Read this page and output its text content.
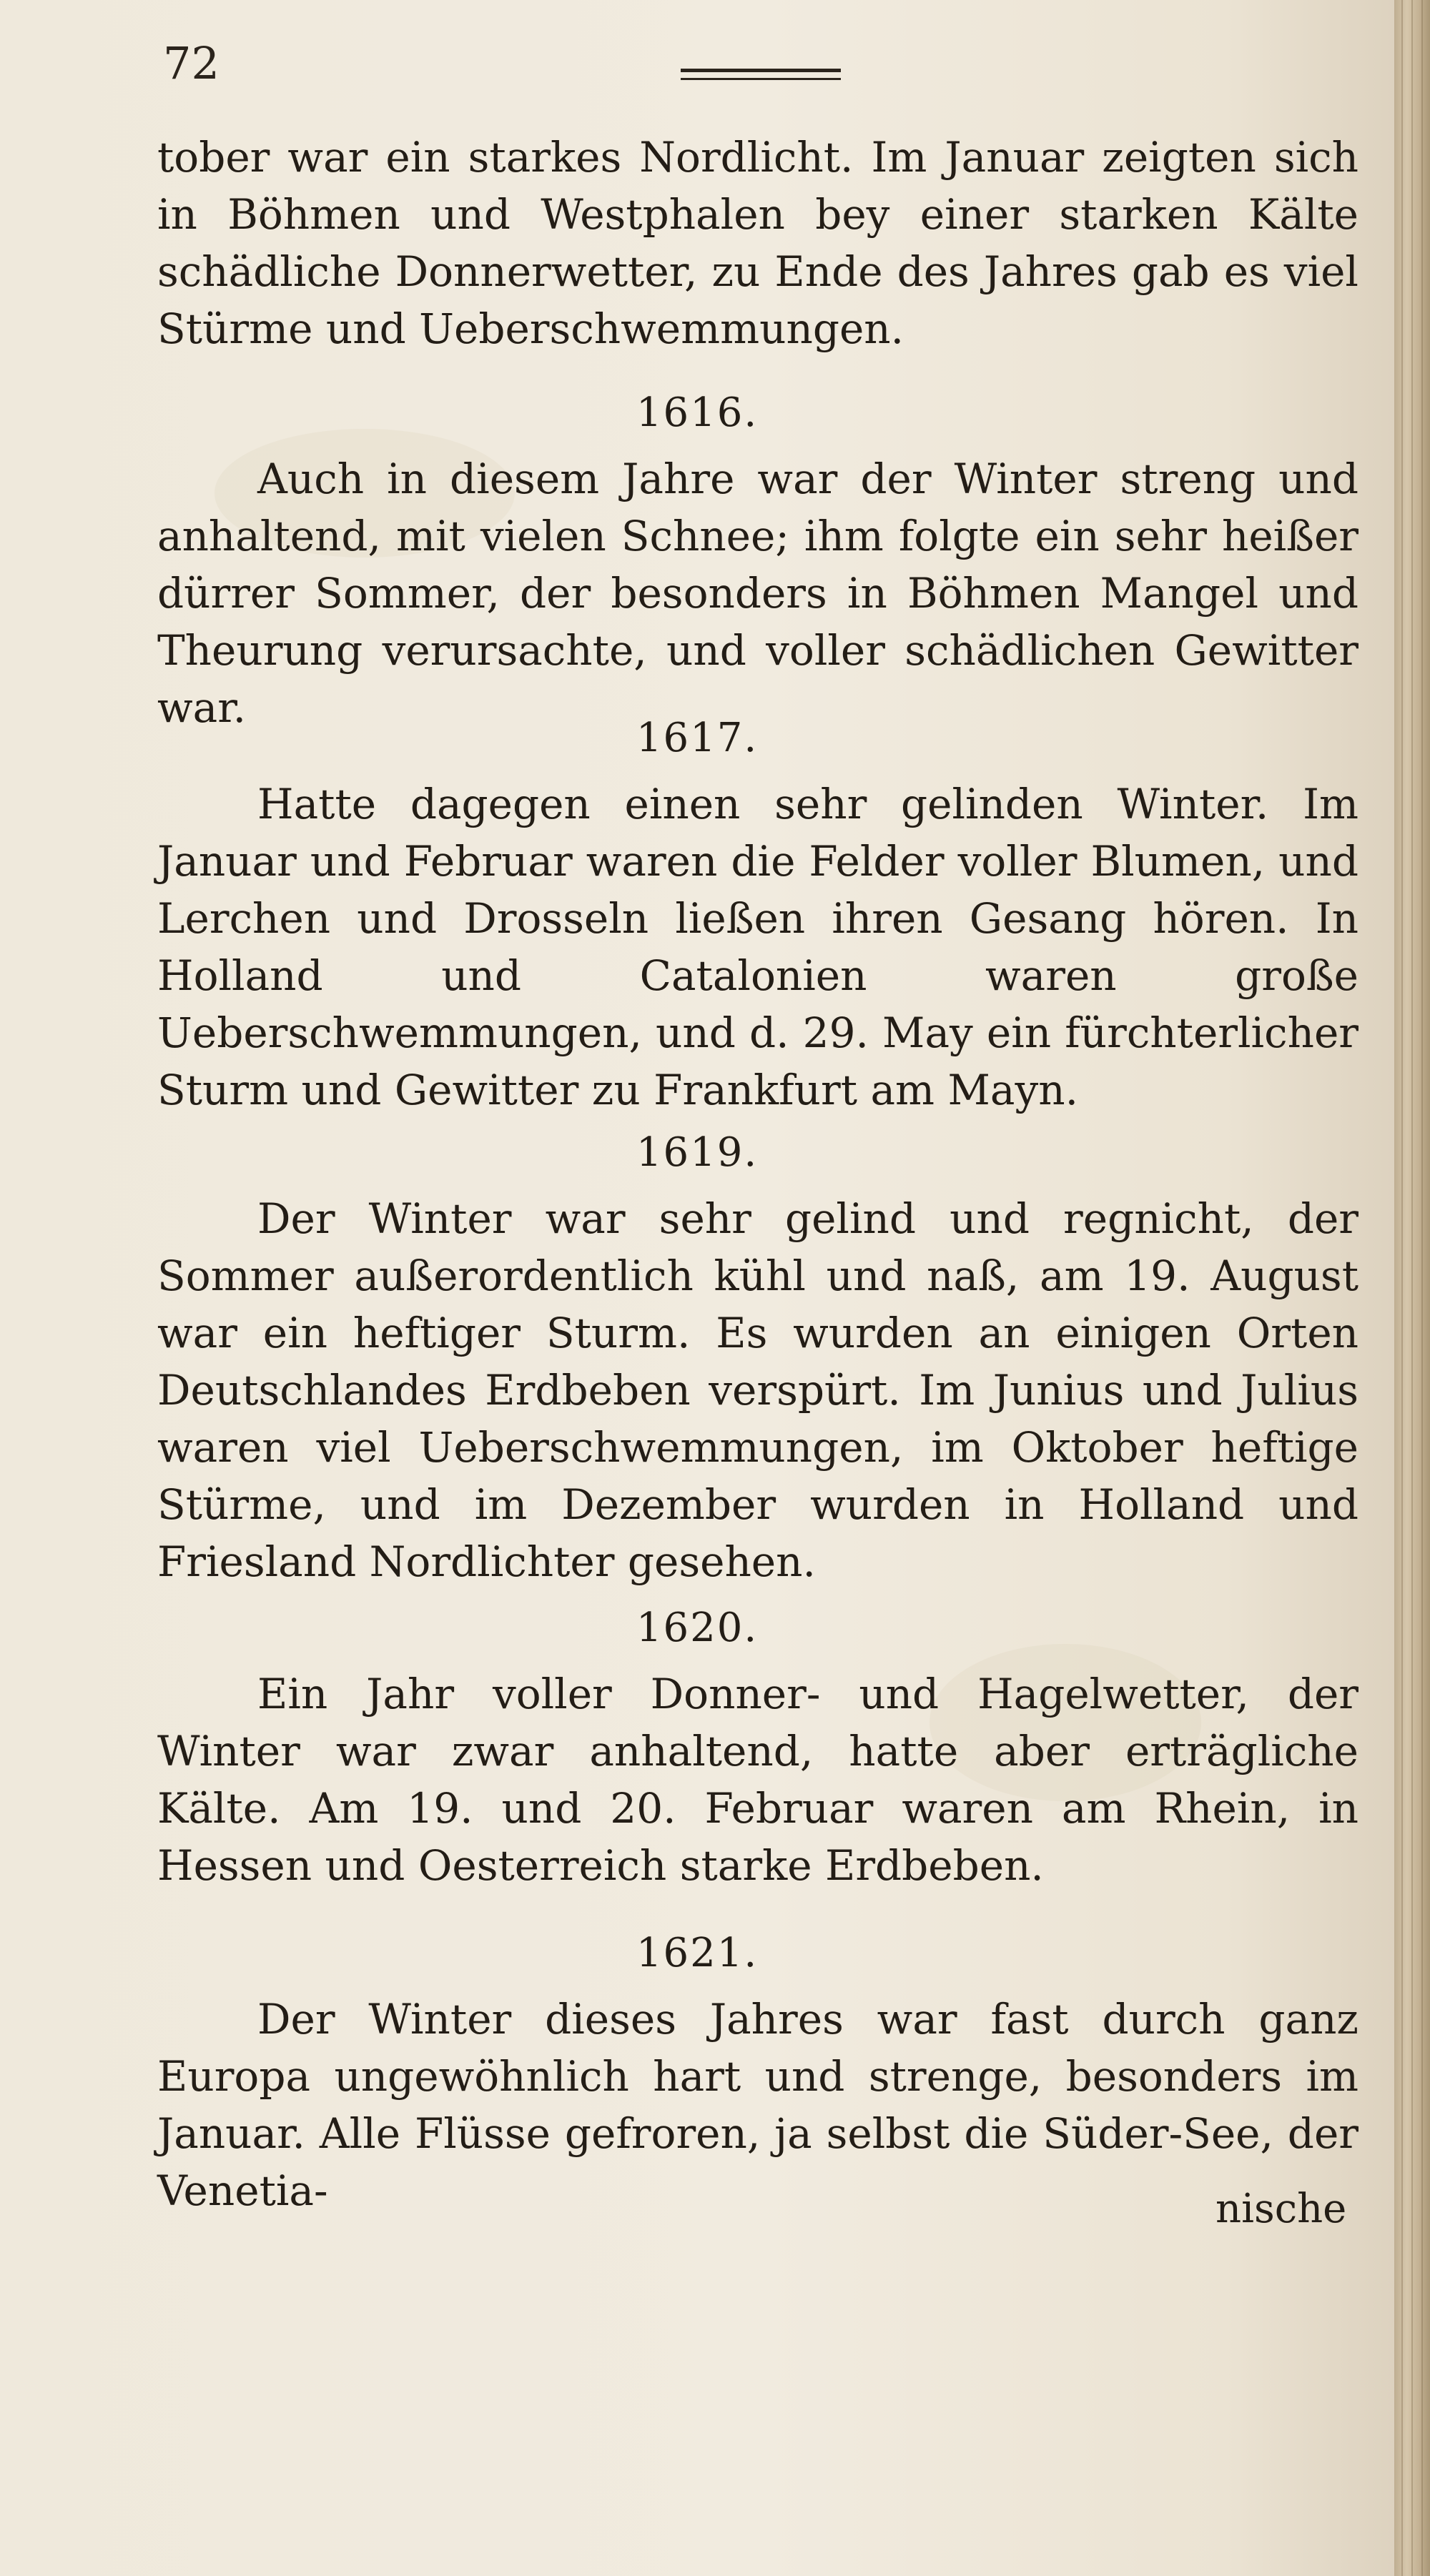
72

tober war ein starkes Nordlicht. Im Januar zeigten sich in Böhmen und Westphalen bey einer starken Kälte schädliche Donnerwetter, zu Ende des Jahres gab es viel Stürme und Ueberschwemmungen.

1616.

Auch in diesem Jahre war der Winter streng und anhaltend, mit vielen Schnee; ihm folgte ein sehr heißer dürrer Sommer, der besonders in Böhmen Mangel und Theurung verursachte, und voller schädlichen Gewitter war.

1617.

Hatte dagegen einen sehr gelinden Winter. Im Januar und Februar waren die Felder voller Blumen, und Lerchen und Drosseln ließen ihren Gesang hören. In Holland und Catalonien waren große Ueberschwemmungen, und d. 29. May ein fürchterlicher Sturm und Gewitter zu Frankfurt am Mayn.

1619.

Der Winter war sehr gelind und regnicht, der Sommer außerordentlich kühl und naß, am 19. August war ein heftiger Sturm. Es wurden an einigen Orten Deutschlandes Erdbeben verspürt. Im Junius und Julius waren viel Ueberschwemmungen, im Oktober heftige Stürme, und im Dezember wurden in Holland und Friesland Nordlichter gesehen.

1620.

Ein Jahr voller Donner- und Hagelwetter, der Winter war zwar anhaltend, hatte aber erträgliche Kälte. Am 19. und 20. Februar waren am Rhein, in Hessen und Oesterreich starke Erdbeben.

1621.

Der Winter dieses Jahres war fast durch ganz Europa ungewöhnlich hart und strenge, besonders im Januar. Alle Flüsse gefroren, ja selbst die Süder-See, der Venetia-	nische
